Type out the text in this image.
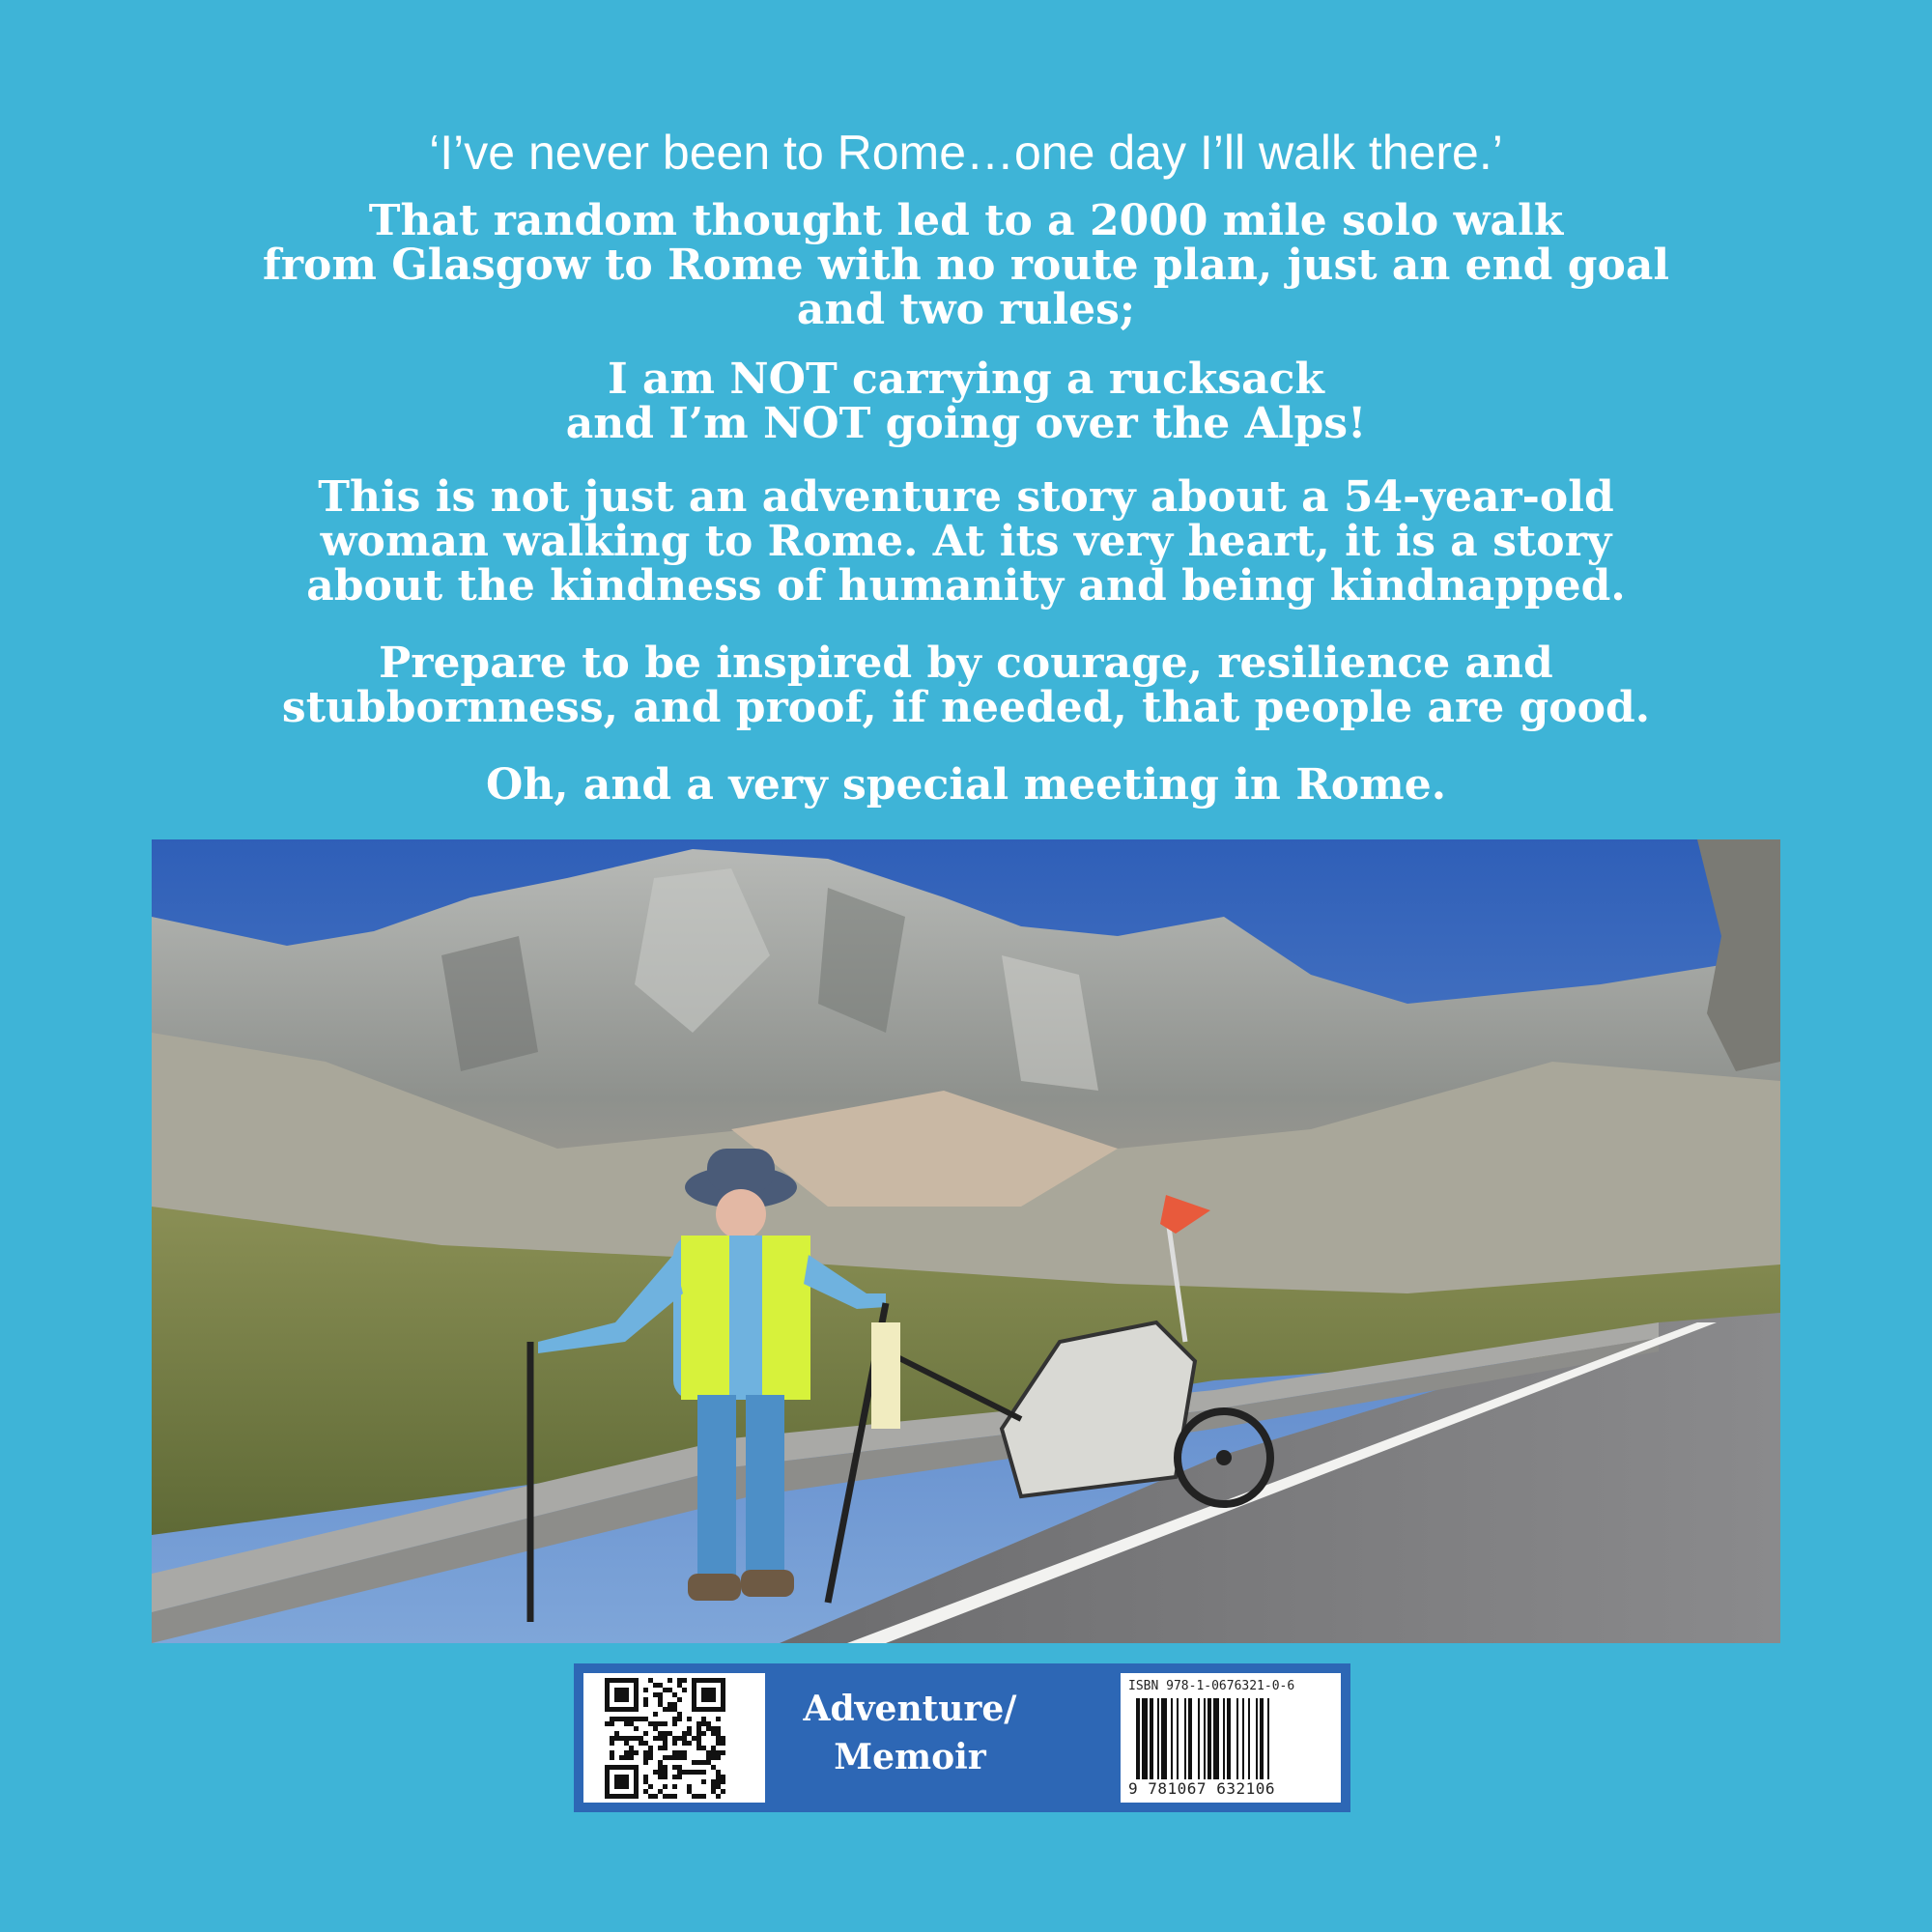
‘I’ve never been to Rome…one day I’ll walk there.’
That random thought led to a 2000 mile solo walk
from Glasgow to Rome with no route plan, just an end goal
and two rules;
I am NOT carrying a rucksack
and I’m NOT going over the Alps!
This is not just an adventure story about a 54-year-old
woman walking to Rome. At its very heart, it is a story
about the kindness of humanity and being kindnapped.
Prepare to be inspired by courage, resilience and
stubbornness, and proof, if needed, that people are good.
Oh, and a very special meeting in Rome.
Adventure/
Memoir
ISBN 978-1-0676321-0-6
9 781067 632106
